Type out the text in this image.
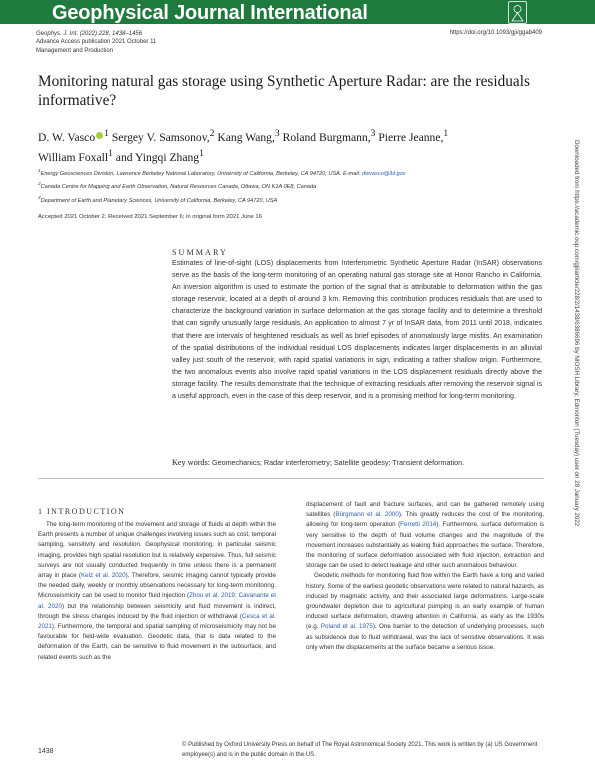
Geophysical Journal International
Geophys. J. Int. (2022) 228, 1438–1456
Advance Access publication 2021 October 11
Management and Production
https://doi.org/10.1093/gji/ggab409
Monitoring natural gas storage using Synthetic Aperture Radar: are the residuals informative?
D. W. Vasco $^1$ Sergey V. Samsonov,$^2$ Kang Wang,$^3$ Roland Burgmann,$^3$ Pierre Jeanne,$^1$
William Foxall$^1$ and Yingqi Zhang$^1$
$^1$Energy Geosciences Division, Lawrence Berkeley National Laboratory, University of California, Berkeley, CA 94720, USA. E-mail: dwvasco@lbl.gov
$^2$Canada Centre for Mapping and Earth Observation, Natural Resources Canada, Ottawa, ON K1A 0E8, Canada
$^3$Department of Earth and Planetary Sciences, University of California, Berkeley, CA 94720, USA
Accepted 2021 October 2. Received 2021 September 6; in original form 2021 June 16
SUMMARY
Estimates of line-of-sight (LOS) displacements from Interferometric Synthetic Aperture Radar (InSAR) observations serve as the basis of the long-term monitoring of an operating natural gas storage site at Honor Rancho in California. An inversion algorithm is used to estimate the portion of the signal that is attributable to deformation within the gas storage reservoir, located at a depth of around 3 km. Removing this contribution produces residuals that are used to characterize the background variation in surface deformation at the gas storage facility and to determine a threshold that can signify unusually large residuals. An application to almost 7 yr of InSAR data, from 2011 until 2018, indicates that there are intervals of heightened residuals as well as brief episodes of anomalously large misfits. An examination of the spatial distributions of the individual residual LOS displacements indicates larger displacements in an alluvial valley just south of the reservoir, with rapid spatial variations in sign, indicating a rather shallow origin. Furthermore, the two anomalous events also involve rapid spatial variations in the LOS displacement residuals directly above the storage facility. The results demonstrate that the technique of extracting residuals after removing the reservoir signal is a useful approach, even in the case of this deep reservoir, and is a promising method for long-term monitoring.
Key words: Geomechanics; Radar interferometry; Satellite geodesy; Transient deformation.
1 INTRODUCTION

The long-term monitoring of the movement and storage of fluids at depth within the Earth presents a number of unique challenges involving issues such as cost, temporal sampling, sensitivity and resolution. Geophysical monitoring, in particular seismic imaging, provides high spatial resolution but is relatively expensive. Thus, full seismic surveys are not usually conducted frequently in time unless there is a permanent array in place (Kelz et al. 2020). Therefore, seismic imaging cannot typically provide the needed daily, weekly or monthly observations necessary for long-term monitoring. Microseismicity can be used to monitor fluid injection (Zhou et al. 2019; Cavanante et al. 2020) but the relationship between seismicity and fluid movement is indirect, through the stress changes induced by the fluid injection or withdrawal (Cesca et al. 2021). Furthermore, the temporal and spatial sampling of microseismicity may not be favourable for field-wide evaluation. Geodetic data, that is data related to the deformation of the Earth, can be sensitive to fluid movement in the subsurface, and related events such as the

displacement of fault and fracture surfaces, and can be gathered remotely using satellites (Bürgmann et al. 2000). This greatly reduces the cost of the monitoring, allowing for long-term operation (Ferretti 2014). Furthermore, surface deformation is very sensitive to the depth of fluid volume changes and the magnitude of the movement increases substantially as leaking fluid approaches the surface. Therefore, the monitoring of surface deformation associated with fluid injection, extraction and storage can be used to detect leakage and other such anomalous behaviour.

Geodetic methods for monitoring fluid flow within the Earth have a long and varied history. Some of the earliest geodetic observations were related to natural hazards, as induced by magmatic activity, and their associated large deformations. Large-scale groundwater depletion due to agricultural pumping is an early example of human induced surface deformation, drawing attention in California, as early as the 1930s (e.g. Poland et al. 1975). One barrier to the detection of underlying processes, such as subsidence due to fluid withdrawal, was the lack of sensitive observations. It was only when the displacements at the surface became a serious issue,

1438
© Published by Oxford University Press on behalf of The Royal Astronomical Society 2021. This work is written by (a) US Government employee(s) and is in the public domain in the US.
Downloaded from https://academic.oup.com/gji/article/228/2/1438/6386696 by NIOSH Library, Edmonton (Tuesday) user on 28 January 2022
